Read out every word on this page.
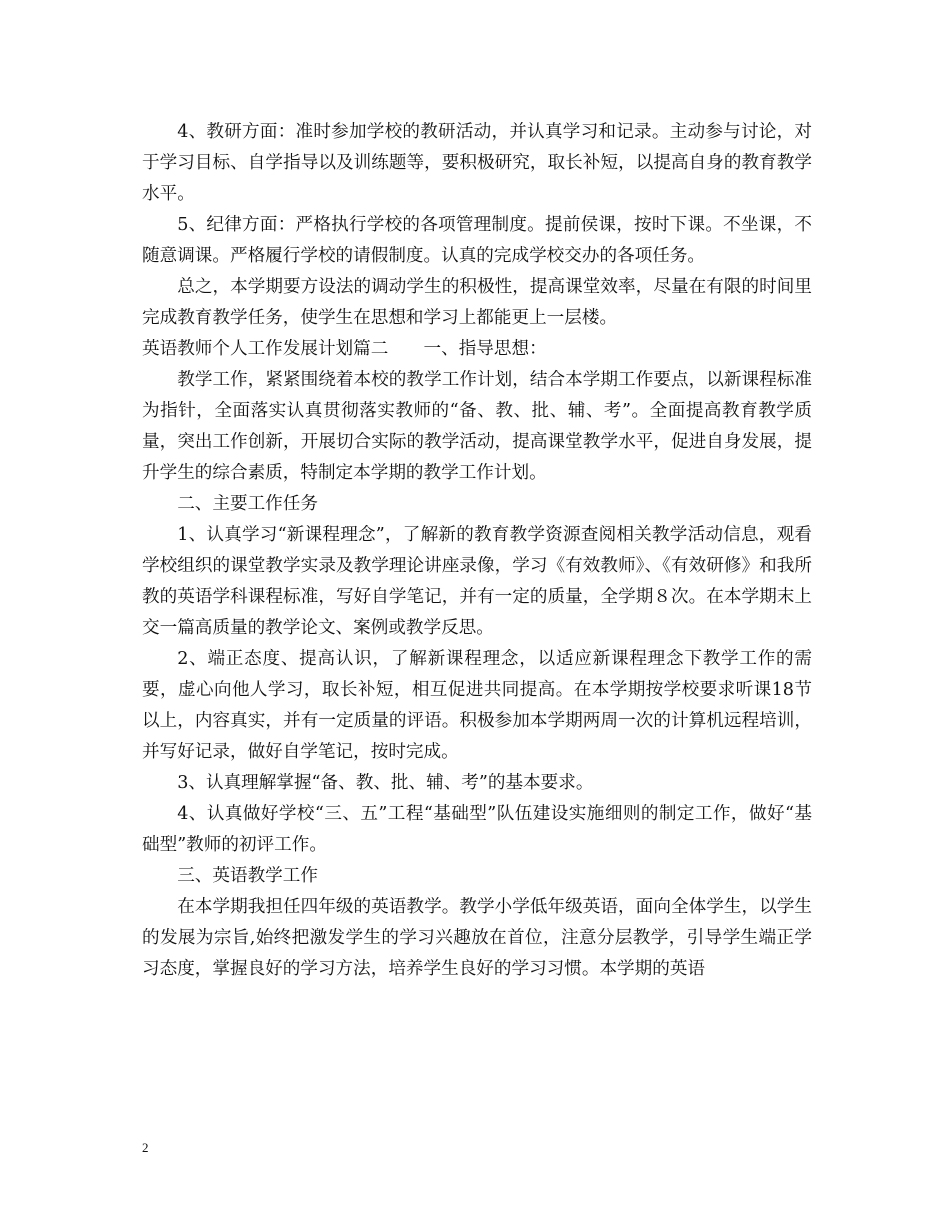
4、教研方面：准时参加学校的教研活动，并认真学习和记录。主动参与讨论，对于学习目标、自学指导以及训练题等，要积极研究，取长补短，以提高自身的教育教学水平。

5、纪律方面：严格执行学校的各项管理制度。提前侯课，按时下课。不坐课，不随意调课。严格履行学校的请假制度。认真的完成学校交办的各项任务。

总之，本学期要方设法的调动学生的积极性，提高课堂效率，尽量在有限的时间里完成教育教学任务，使学生在思想和学习上都能更上一层楼。

英语教师个人工作发展计划篇二　　一、指导思想：

教学工作，紧紧围绕着本校的教学工作计划，结合本学期工作要点，以新课程标准为指针，全面落实认真贯彻落实教师的“备、教、批、辅、考”。全面提高教育教学质量，突出工作创新，开展切合实际的教学活动，提高课堂教学水平，促进自身发展，提升学生的综合素质，特制定本学期的教学工作计划。

二、主要工作任务

1、认真学习“新课程理念”，了解新的教育教学资源查阅相关教学活动信息，观看学校组织的课堂教学实录及教学理论讲座录像，学习《有效教师》、《有效研修》和我所教的英语学科课程标准，写好自学笔记，并有一定的质量，全学期８次。在本学期末上交一篇高质量的教学论文、案例或教学反思。

2、端正态度、提高认识，了解新课程理念，以适应新课程理念下教学工作的需要，虚心向他人学习，取长补短，相互促进共同提高。在本学期按学校要求听课18节以上，内容真实，并有一定质量的评语。积极参加本学期两周一次的计算机远程培训，并写好记录，做好自学笔记，按时完成。

3、认真理解掌握“备、教、批、辅、考”的基本要求。

4、认真做好学校“三、五”工程“基础型”队伍建设实施细则的制定工作，做好“基础型”教师的初评工作。

三、英语教学工作

在本学期我担任四年级的英语教学。教学小学低年级英语，面向全体学生，以学生的发展为宗旨,始终把激发学生的学习兴趣放在首位，注意分层教学，引导学生端正学习态度，掌握良好的学习方法，培养学生良好的学习习惯。本学期的英语

2
